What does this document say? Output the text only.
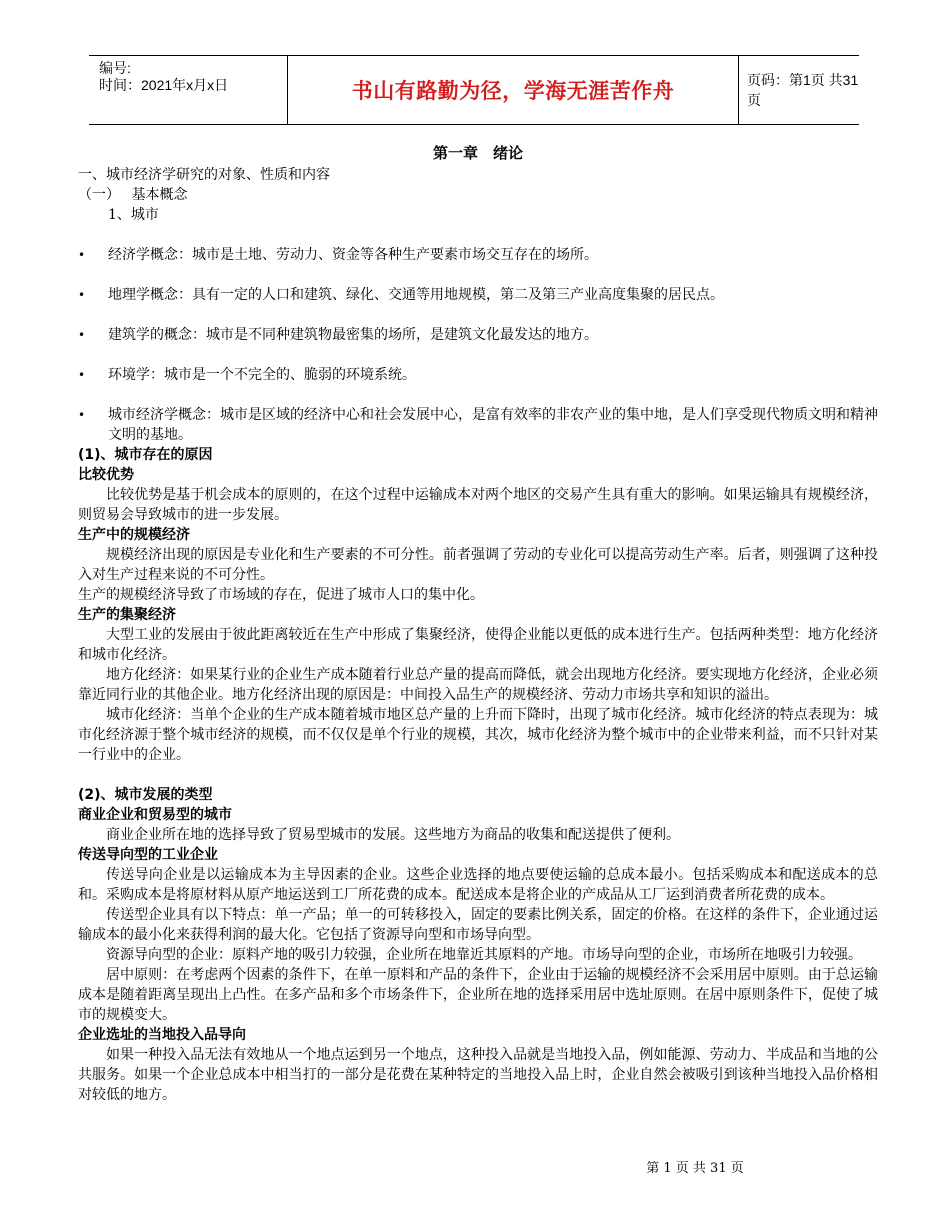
编号:
时间：2021年x月x日	书山有路勤为径，学海无涯苦作舟	页码：第1页 共31页
第一章　绪论

一、城市经济学研究的对象、性质和内容

（一）　 基本概念

1、城市

• 经济学概念：城市是土地、劳动力、资金等各种生产要素市场交互存在的场所。

• 地理学概念：具有一定的人口和建筑、绿化、交通等用地规模，第二及第三产业高度集聚的居民点。

• 建筑学的概念：城市是不同种建筑物最密集的场所，是建筑文化最发达的地方。

• 环境学：城市是一个不完全的、脆弱的环境系统。

• 城市经济学概念：城市是区域的经济中心和社会发展中心，是富有效率的非农产业的集中地，是人们享受现代物质文明和精神文明的基地。

(1)、城市存在的原因

比较优势

比较优势是基于机会成本的原则的，在这个过程中运输成本对两个地区的交易产生具有重大的影响。如果运输具有规模经济，则贸易会导致城市的进一步发展。

生产中的规模经济

规模经济出现的原因是专业化和生产要素的不可分性。前者强调了劳动的专业化可以提高劳动生产率。后者，则强调了这种投入对生产过程来说的不可分性。

生产的规模经济导致了市场域的存在，促进了城市人口的集中化。

生产的集聚经济

大型工业的发展由于彼此距离较近在生产中形成了集聚经济，使得企业能以更低的成本进行生产。包括两种类型：地方化经济和城市化经济。

地方化经济：如果某行业的企业生产成本随着行业总产量的提高而降低，就会出现地方化经济。要实现地方化经济，企业必须靠近同行业的其他企业。地方化经济出现的原因是：中间投入品生产的规模经济、劳动力市场共享和知识的溢出。

城市化经济：当单个企业的生产成本随着城市地区总产量的上升而下降时，出现了城市化经济。城市化经济的特点表现为：城市化经济源于整个城市经济的规模，而不仅仅是单个行业的规模，其次，城市化经济为整个城市中的企业带来利益，而不只针对某一行业中的企业。

(2)、城市发展的类型

商业企业和贸易型的城市

商业企业所在地的选择导致了贸易型城市的发展。这些地方为商品的收集和配送提供了便利。

传送导向型的工业企业

传送导向企业是以运输成本为主导因素的企业。这些企业选择的地点要使运输的总成本最小。包括采购成本和配送成本的总和。采购成本是将原材料从原产地运送到工厂所花费的成本。配送成本是将企业的产成品从工厂运到消费者所花费的成本。

传送型企业具有以下特点：单一产品；单一的可转移投入，固定的要素比例关系，固定的价格。在这样的条件下，企业通过运输成本的最小化来获得利润的最大化。它包括了资源导向型和市场导向型。

资源导向型的企业：原料产地的吸引力较强，企业所在地靠近其原料的产地。市场导向型的企业，市场所在地吸引力较强。

居中原则：在考虑两个因素的条件下，在单一原料和产品的条件下，企业由于运输的规模经济不会采用居中原则。由于总运输成本是随着距离呈现出上凸性。在多产品和多个市场条件下，企业所在地的选择采用居中选址原则。在居中原则条件下，促使了城市的规模变大。

企业选址的当地投入品导向

如果一种投入品无法有效地从一个地点运到另一个地点，这种投入品就是当地投入品，例如能源、劳动力、半成品和当地的公共服务。如果一个企业总成本中相当打的一部分是花费在某种特定的当地投入品上时，企业自然会被吸引到该种当地投入品价格相对较低的地方。

第 1 页 共 31 页
